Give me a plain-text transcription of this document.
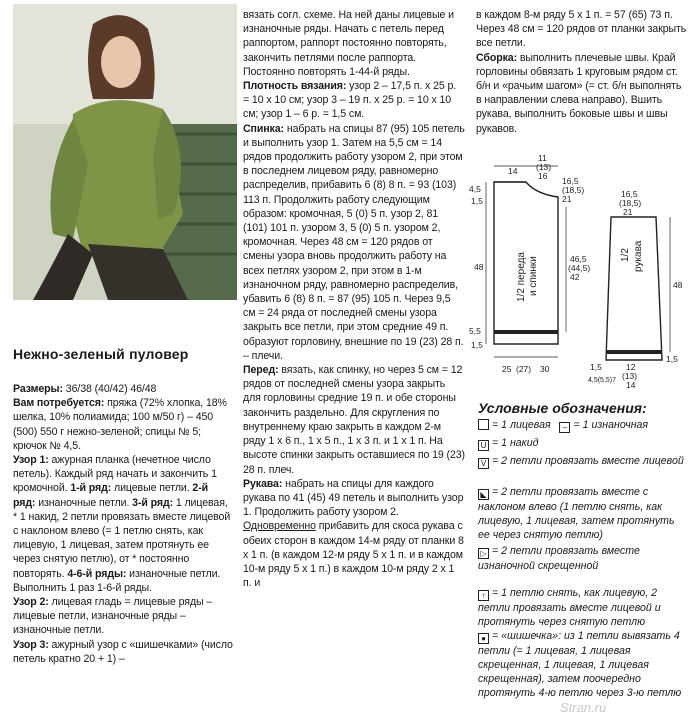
Нежно-зеленый пуловер

Размеры: 36/38 (40/42) 46/48

Вам потребуется: пряжа (72% хлопка, 18% шелка, 10% полиамида; 100 м/50 г) – 450 (500) 550 г нежно-зеленой; спицы № 5; крючок № 4,5.

Узор 1: ажурная планка (нечетное число петель). Каждый ряд начать и закончить 1 кромочной. 1-й ряд: лицевые петли. 2-й ряд: изнаночные петли. 3-й ряд: 1 лицевая, * 1 накид, 2 петли провязать вместе лицевой с наклоном влево (= 1 петлю снять, как лицевую, 1 лицевая, затем протянуть ее через снятую петлю), от * постоянно повторять. 4-6-й ряды: изнаночные петли. Выполнить 1 раз 1-6-й ряды.

Узор 2: лицевая гладь = лицевые ряды – лицевые петли, изнаночные ряды – изнаночные петли.

Узор 3: ажурный узор с «шишечками» (число петель кратно 20 + 1) –

вязать согл. схеме. На ней даны лицевые и изнаночные ряды. Начать с петель перед раппортом, раппорт постоянно повторять, закончить петлями после раппорта. Постоянно повторять 1-44-й ряды.

Плотность вязания: узор 2 – 17,5 п. х 25 р. = 10 х 10 см; узор 3 – 19 п. х 25 р. = 10 х 10 см; узор 1 – 6 р. = 1,5 см.

Спинка: набрать на спицы 87 (95) 105 петель и выполнить узор 1. Затем на 5,5 см = 14 рядов продолжить работу узором 2, при этом в последнем лицевом ряду, равномерно распределив, прибавить 6 (8) 8 п. = 93 (103) 113 п. Продолжить работу следующим образом: кромочная, 5 (0) 5 п. узор 2, 81 (101) 101 п. узором 3, 5 (0) 5 п. узором 2, кромочная. Через 48 см = 120 рядов от смены узора вновь продолжить работу на всех петлях узором 2, при этом в 1-м изнаночном ряду, равномерно распределив, убавить 6 (8) 8 п. = 87 (95) 105 п. Через 9,5 см = 24 ряда от последней смены узора закрыть все петли, при этом средние 49 п. образуют горловину, внешние по 19 (23) 28 п. – плечи.

Перед: вязать, как спинку, но через 5 см = 12 рядов от последней смены узора закрыть для горловины средние 19 п. и обе стороны закончить раздельно. Для скругления по внутреннему краю закрыть в каждом 2-м ряду 1 х 6 п., 1 х 5 п., 1 х 3 п. и 1 х 1 п. На высоте спинки закрыть оставшиеся по 19 (23) 28 п. плеч.

Рукава: набрать на спицы для каждого рукава по 41 (45) 49 петель и выполнить узор 1. Продолжить работу узором 2. Одновременно прибавить для скоса рукава с обеих сторон в каждом 14-м ряду от планки 8 х 1 п. (в каждом 12-м ряду 5 х 1 п. и в каждом 10-м ряду 5 х 1 п.) в каждом 10-м ряду 2 х 1 п. и

в каждом 8-м ряду 5 х 1 п. = 57 (65) 73 п. Через 48 см = 120 рядов от планки закрыть все петли.

Сборка: выполнить плечевые швы. Край горловины обвязать 1 круговым рядом ст. б/н и «рачьим шагом» (= ст. б/н выполнять в направлении слева направо). Вшить рукава, выполнить боковые швы и швы рукавов.

14
11
(13)
16
4,5
1,5
48
16,5
(18,5)
21
46,5
(44,5)
42
5,5
1,5
25 (27) 30
1/2 переда и спинки
16,5
(18,5)
21
48
1,5
1,5
4,5(5,5)7
12
(13)
14
1/2 рукава
Условные обозначения:
= 1 лицевая – = 1 изнаночная
U = 1 накид
V = 2 петли провязать вместе лицевой
◣ = 2 петли провязать вместе с наклоном влево (1 петлю снять, как лицевую, 1 лицевая, затем протянуть ее через снятую петлю)
▷ = 2 петли провязать вместе изнаночной скрещенной
↑ = 1 петлю снять, как лицевую, 2 петли провязать вместе лицевой и протянуть через снятую петлю
● = «шишечка»: из 1 петли вывязать 4 петли (= 1 лицевая, 1 лицевая скрещенная, 1 лицевая, 1 лицевая скрещенная), затем поочередно протянуть 4-ю петлю через 3-ю петлю
Stran.ru
